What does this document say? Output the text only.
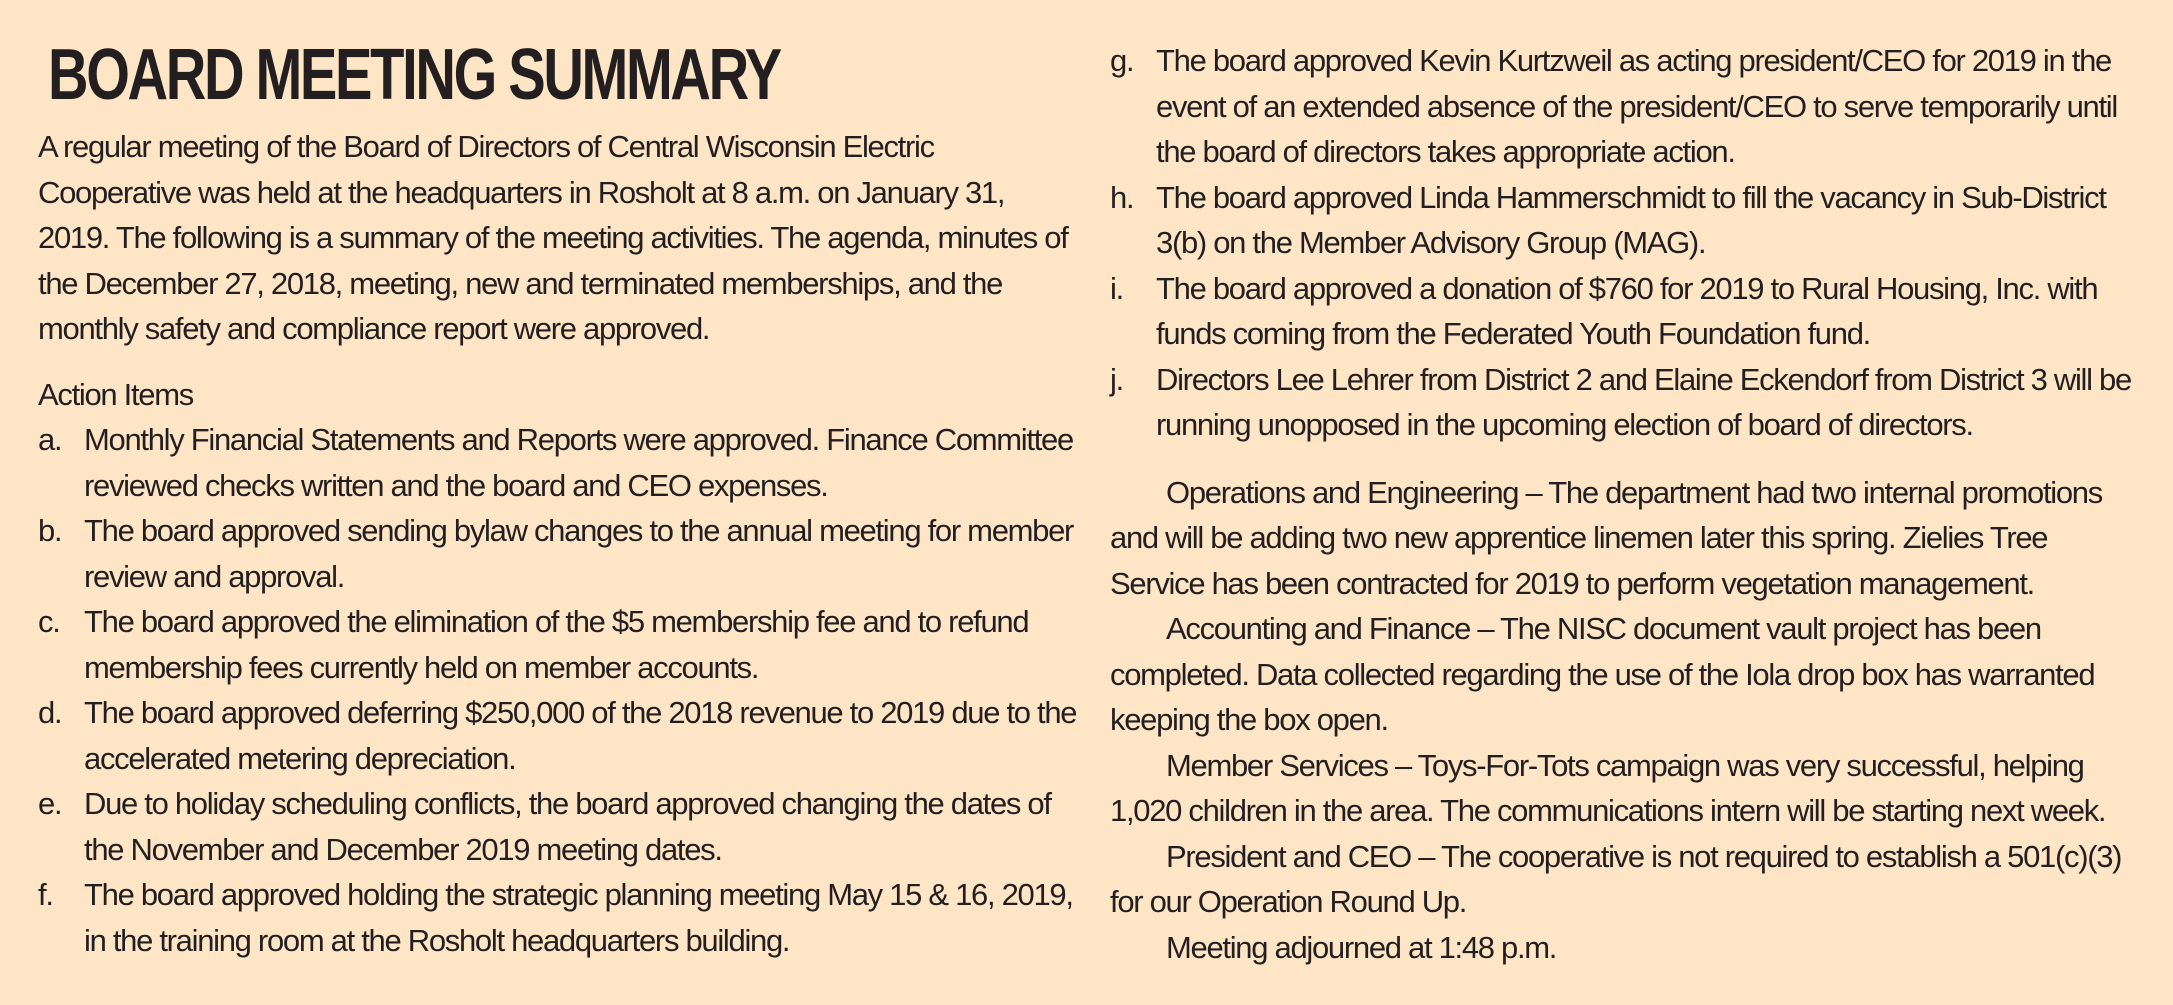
BOARD MEETING SUMMARY

A regular meeting of the Board of Directors of Central Wisconsin Electric Cooperative was held at the headquarters in Rosholt at 8 a.m. on January 31, 2019. The following is a summary of the meeting activities. The agenda, minutes of the December 27, 2018, meeting, new and terminated memberships, and the monthly safety and compliance report were approved.

Action Items

a. Monthly Financial Statements and Reports were approved. Finance Committee reviewed checks written and the board and CEO expenses.
b. The board approved sending bylaw changes to the annual meeting for member review and approval.
c. The board approved the elimination of the $5 membership fee and to refund membership fees currently held on member accounts.
d. The board approved deferring $250,000 of the 2018 revenue to 2019 due to the accelerated metering depreciation.
e. Due to holiday scheduling conflicts, the board approved changing the dates of the November and December 2019 meeting dates.
f.	The board approved holding the strategic planning meeting May 15 & 16, 2019, in the training room at the Rosholt headquarters building.
g. The board approved Kevin Kurtzweil as acting president/CEO for 2019 in the event of an extended absence of the president/CEO to serve temporarily until the board of directors takes appropriate action.
h. The board approved Linda Hammerschmidt to fill the vacancy in Sub-District 3(b) on the Member Advisory Group (MAG).
i.	The board approved a donation of $760 for 2019 to Rural Housing, Inc. with funds coming from the Federated Youth Foundation fund.
j.	Directors Lee Lehrer from District 2 and Elaine Eckendorf from District 3 will be running unopposed in the upcoming election of board of directors.

Operations and Engineering – The department had two internal promotions and will be adding two new apprentice linemen later this spring. Zielies Tree Service has been contracted for 2019 to perform vegetation management.

Accounting and Finance – The NISC document vault project has been completed. Data collected regarding the use of the Iola drop box has warranted keeping the box open.

Member Services – Toys-For-Tots campaign was very successful, helping 1,020 children in the area. The communications intern will be starting next week.

President and CEO – The cooperative is not required to establish a 501(c)(3) for our Operation Round Up.

Meeting adjourned at 1:48 p.m.
